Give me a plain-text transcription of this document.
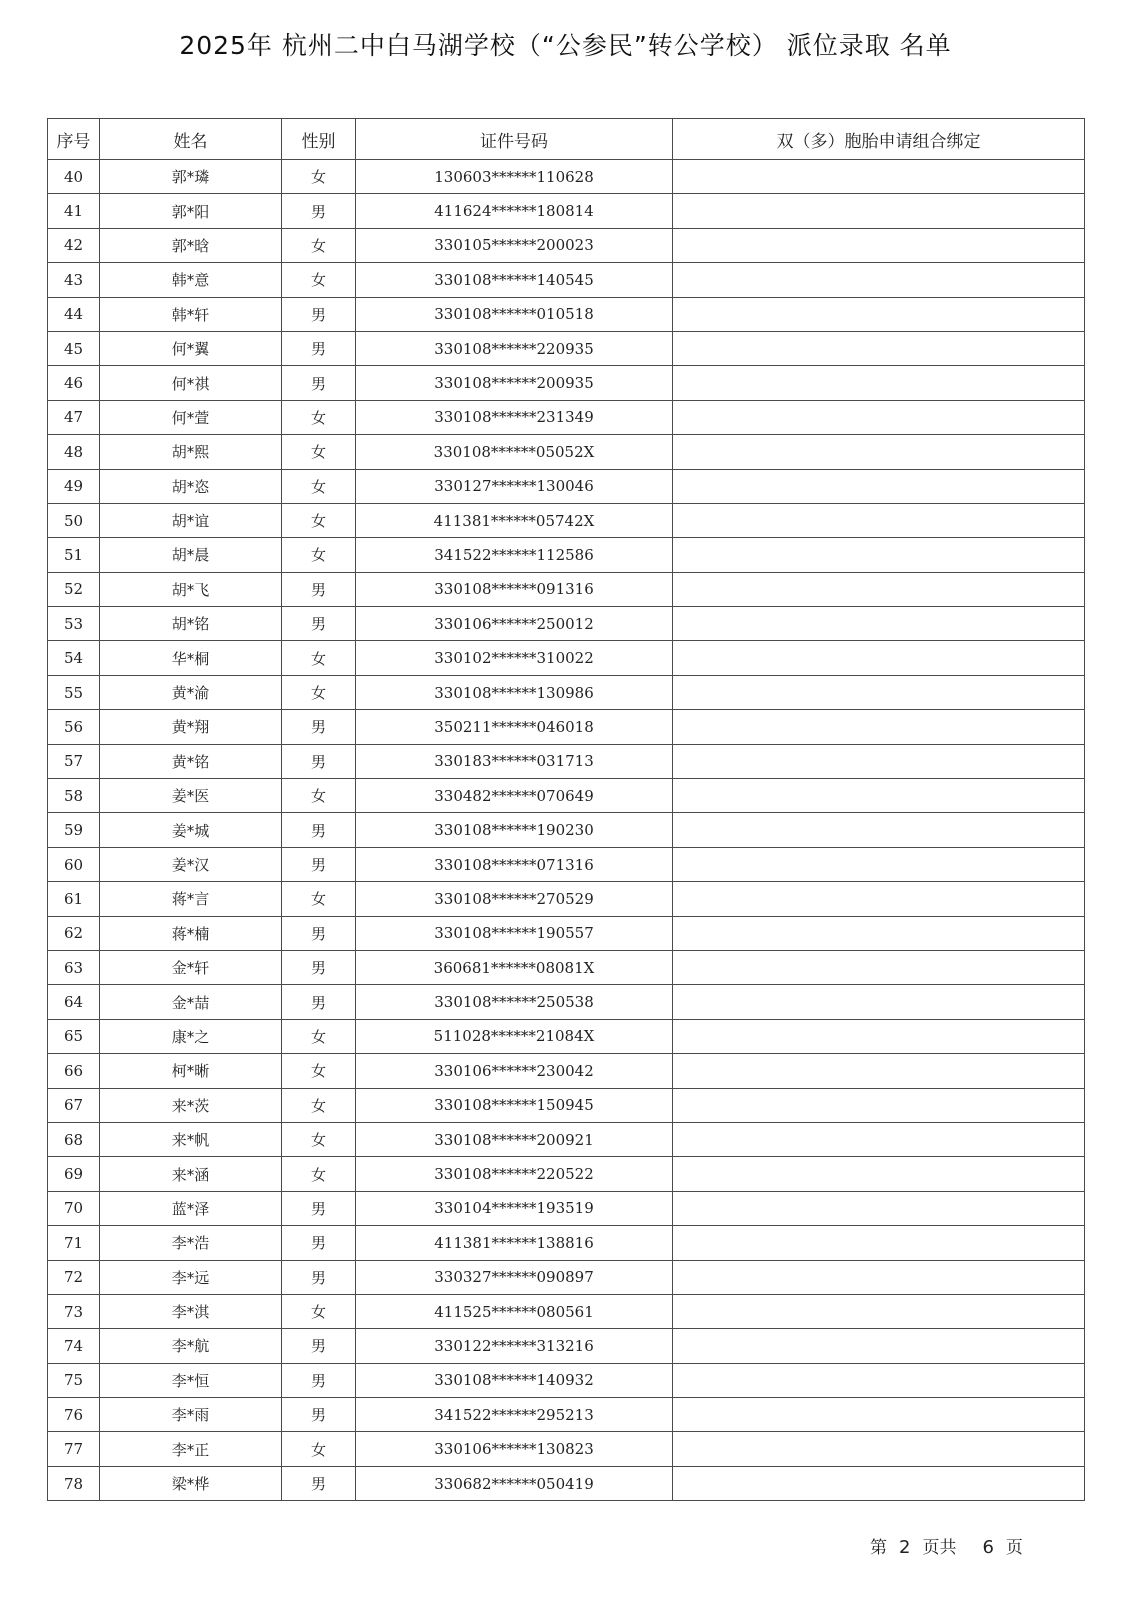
2025年 杭州二中白马湖学校（“公参民”转公学校） 派位录取 名单
序号	姓名	性别	证件号码	双（多）胞胎申请组合绑定
40	郭*璘	女	130603******110628	
41	郭*阳	男	411624******180814	
42	郭*晗	女	330105******200023	
43	韩*意	女	330108******140545	
44	韩*轩	男	330108******010518	
45	何*翼	男	330108******220935	
46	何*祺	男	330108******200935	
47	何*萱	女	330108******231349	
48	胡*熙	女	330108******05052X	
49	胡*恣	女	330127******130046	
50	胡*谊	女	411381******05742X	
51	胡*晨	女	341522******112586	
52	胡*飞	男	330108******091316	
53	胡*铭	男	330106******250012	
54	华*桐	女	330102******310022	
55	黄*渝	女	330108******130986	
56	黄*翔	男	350211******046018	
57	黄*铭	男	330183******031713	
58	姜*医	女	330482******070649	
59	姜*城	男	330108******190230	
60	姜*汉	男	330108******071316	
61	蒋*言	女	330108******270529	
62	蒋*楠	男	330108******190557	
63	金*轩	男	360681******08081X	
64	金*喆	男	330108******250538	
65	康*之	女	511028******21084X	
66	柯*晰	女	330106******230042	
67	来*茨	女	330108******150945	
68	来*帆	女	330108******200921	
69	来*涵	女	330108******220522	
70	蓝*泽	男	330104******193519	
71	李*浩	男	411381******138816	
72	李*远	男	330327******090897	
73	李*淇	女	411525******080561	
74	李*航	男	330122******313216	
75	李*恒	男	330108******140932	
76	李*雨	男	341522******295213	
77	李*正	女	330106******130823	
78	梁*桦	男	330682******050419	
第 2 页共 6 页
